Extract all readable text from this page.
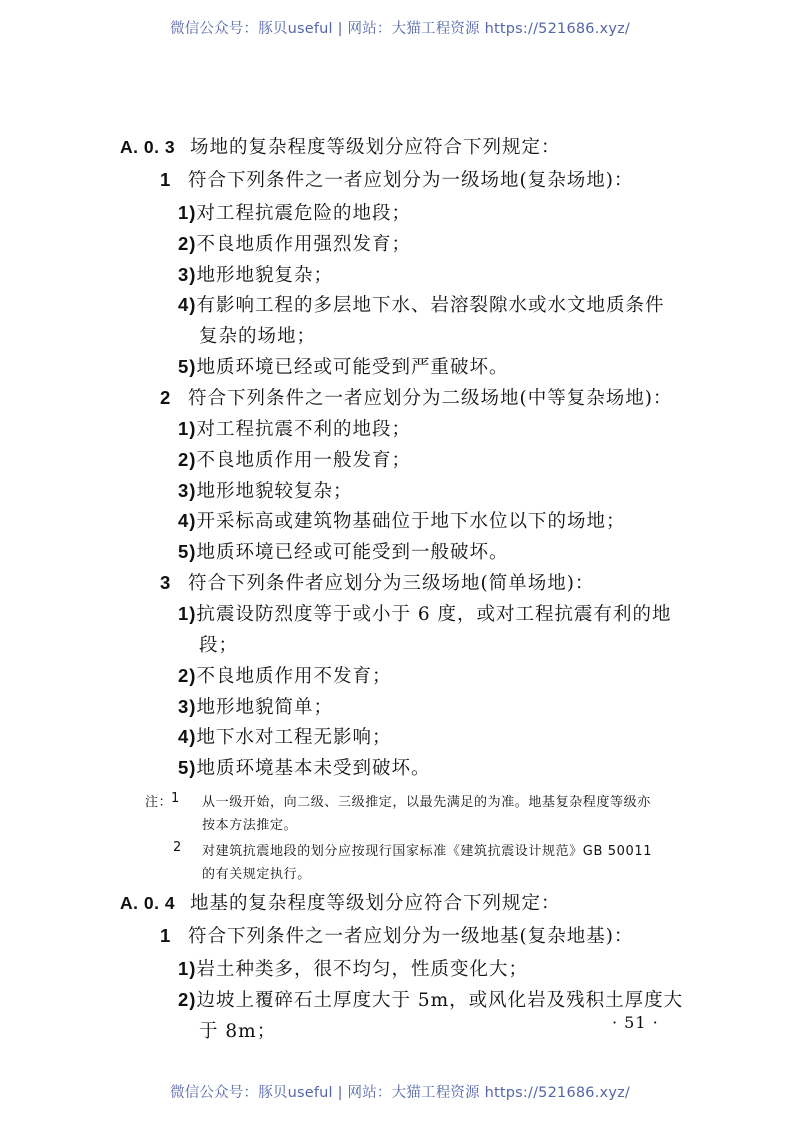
微信公众号：豚贝useful | 网站：大猫工程资源 https://521686.xyz/
A. 0. 3 场地的复杂程度等级划分应符合下列规定：
1 符合下列条件之一者应划分为一级场地(复杂场地)：
1)对工程抗震危险的地段；
2)不良地质作用强烈发育；
3)地形地貌复杂；
4)有影响工程的多层地下水、岩溶裂隙水或水文地质条件
复杂的场地；
5)地质环境已经或可能受到严重破坏。
2 符合下列条件之一者应划分为二级场地(中等复杂场地)：
1)对工程抗震不利的地段；
2)不良地质作用一般发育；
3)地形地貌较复杂；
4)开采标高或建筑物基础位于地下水位以下的场地；
5)地质环境已经或可能受到一般破坏。
3 符合下列条件者应划分为三级场地(简单场地)：
1)抗震设防烈度等于或小于 6 度，或对工程抗震有利的地
段；
2)不良地质作用不发育；
3)地形地貌简单；
4)地下水对工程无影响；
5)地质环境基本未受到破坏。
注：
1 从一级开始，向二级、三级推定，以最先满足的为准。地基复杂程度等级亦
按本方法推定。
2 对建筑抗震地段的划分应按现行国家标准《建筑抗震设计规范》GB 50011
的有关规定执行。
A. 0. 4 地基的复杂程度等级划分应符合下列规定：
1 符合下列条件之一者应划分为一级地基(复杂地基)：
1)岩土种类多，很不均匀，性质变化大；
2)边坡上覆碎石土厚度大于 5m，或风化岩及残积土厚度大
于 8m；	· 51 ·
微信公众号：豚贝useful | 网站：大猫工程资源 https://521686.xyz/
